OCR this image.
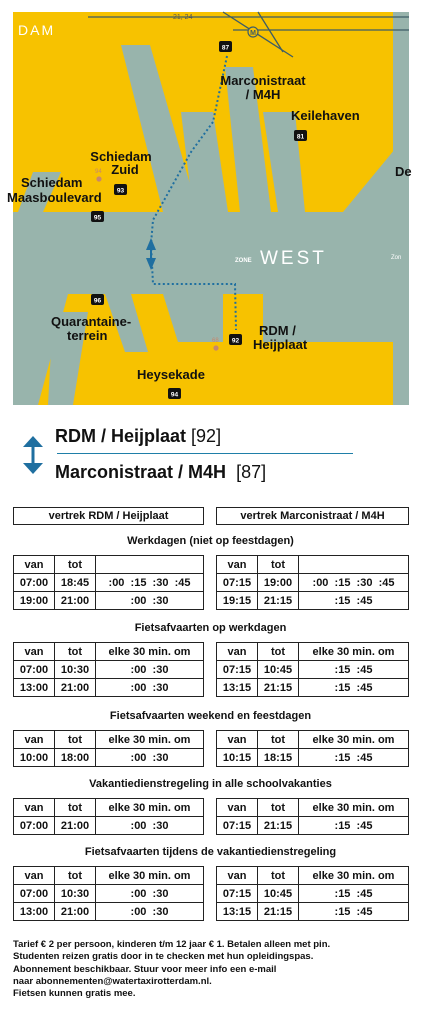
M
21, 24
DAM
ZONE WEST	Zon
De
87
Marconistraat
/ M4H
Keilehaven
81
Schiedam
Zuid
94
93
Schiedam
Maasboulevard
95
96
Quarantaine-
terrein	68 92
RDM /
Heijplaat
Heysekade
94
RDM / Heijplaat [92]
Marconistraat / M4H [87]
vertrek RDM / Heijplaat	vertrek Marconistraat / M4H
Werkdagen (niet op feestdagen)
van	tot	
07:00	18:45	:00  :15  :30  :45
19:00	21:00	:00  :30
van	tot	
07:15	19:00	:00  :15  :30  :45
19:15	21:15	:15  :45
Fietsafvaarten op werkdagen
van	tot	elke 30 min. om
07:00	10:30	:00  :30
13:00	21:00	:00  :30
van	tot	elke 30 min. om
07:15	10:45	:15  :45
13:15	21:15	:15  :45
Fietsafvaarten weekend en feestdagen
van	tot	elke 30 min. om
10:00	18:00	:00  :30
van	tot	elke 30 min. om
10:15	18:15	:15  :45
Vakantiedienstregeling in alle schoolvakanties
van	tot	elke 30 min. om
07:00	21:00	:00  :30
van	tot	elke 30 min. om
07:15	21:15	:15  :45
Fietsafvaarten tijdens de vakantiedienstregeling
van	tot	elke 30 min. om
07:00	10:30	:00  :30
13:00	21:00	:00  :30
van	tot	elke 30 min. om
07:15	10:45	:15  :45
13:15	21:15	:15  :45
Tarief € 2 per persoon, kinderen t/m 12 jaar € 1. Betalen alleen met pin.
Studenten reizen gratis door in te checken met hun opleidingspas.
Abonnement beschikbaar. Stuur voor meer info een e-mail
naar abonnementen@watertaxirotterdam.nl.
Fietsen kunnen gratis mee.
